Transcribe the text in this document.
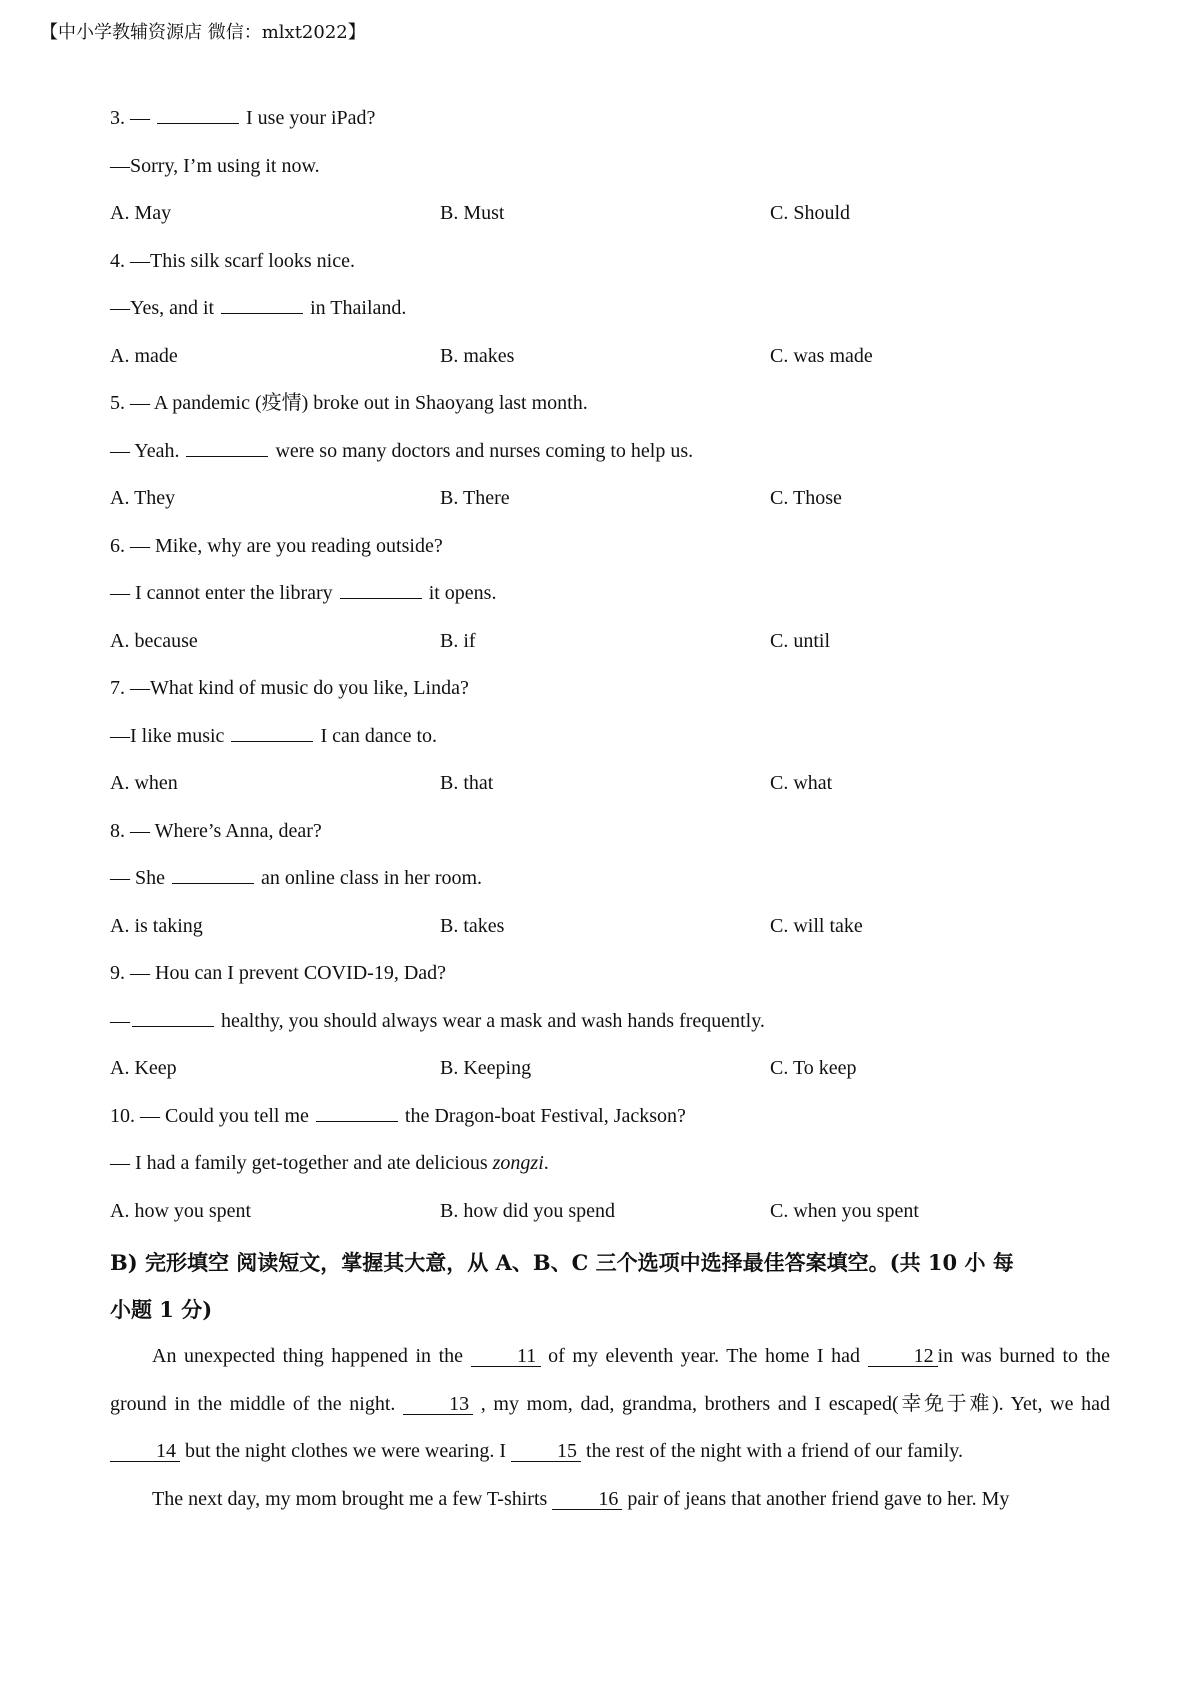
【中小学教辅资源店 微信：mlxt2022】
3. —	I use your iPad?
—Sorry, I’m using it now.
A. May	B. Must	C. Should
4. —This silk scarf looks nice.
—Yes, and it	in Thailand.
A. made	B. makes	C. was made
5. — A pandemic (疫情) broke out in Shaoyang last month.
— Yeah.	were so many doctors and nurses coming to help us.
A. They	B. There	C. Those
6. — Mike, why are you reading outside?
— I cannot enter the library	it opens.
A. because	B. if	C. until
7. —What kind of music do you like, Linda?
—I like music	I can dance to.
A. when	B. that	C. what
8. — Where’s Anna, dear?
— She	an online class in her room.
A. is taking	B. takes	C. will take
9. — Hou can I prevent COVID-19, Dad?
—	healthy, you should always wear a mask and wash hands frequently.
A. Keep	B. Keeping	C. To keep
10. — Could you tell me	the Dragon-boat Festival, Jackson?
— I had a family get-together and ate delicious zongzi.
A. how you spent	B. how did you spend	C. when you spent
B) 完形填空 阅读短文，掌握其大意，从 A、B、C 三个选项中选择最佳答案填空。(共 10 小 每
小题 1 分)
An unexpected thing happened in the	11 of my eleventh year. The home I had	12 in was burned to the ground in the middle of the night.	13 , my mom, dad, grandma, brothers and I escaped(幸免于难). Yet, we had 14 but the night clothes we were wearing. I	15 the rest of the night with a friend of our family.
The next day, my mom brought me a few T-shirts	16 pair of jeans that another friend gave to her. My
